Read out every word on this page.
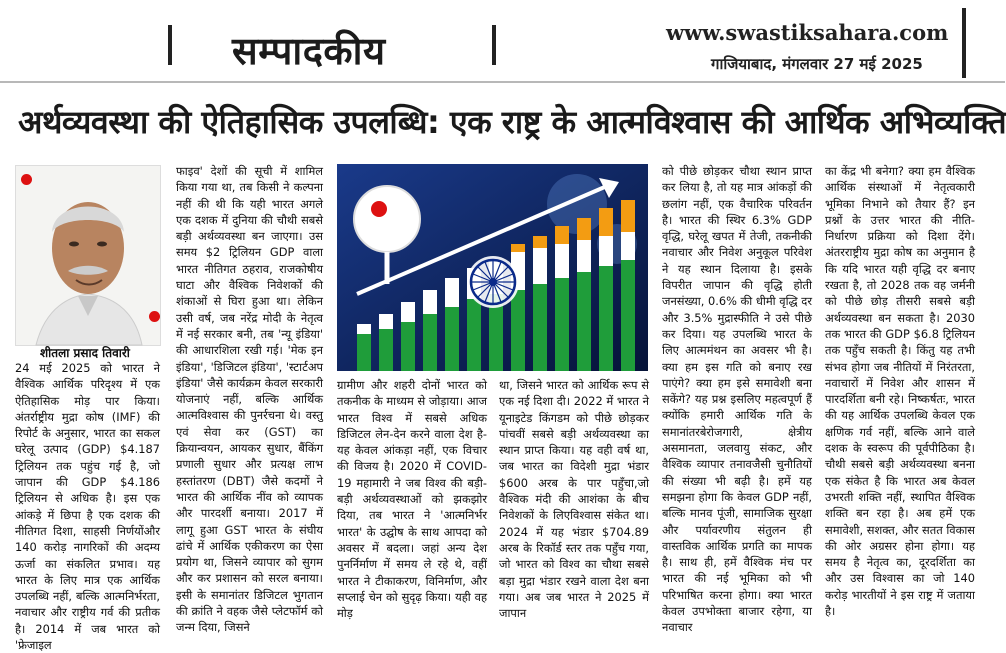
सम्पादकीय	www.swastiksahara.com
गाजियाबाद, मंगलवार 27 मई 2025
अर्थव्यवस्था की ऐतिहासिक उपलब्धि: एक राष्ट्र के आत्मविश्वास की आर्थिक अभिव्यक्ति
शीतला प्रसाद तिवारी

24 मई 2025 को भारत ने वैश्विक आर्थिक परिदृश्य में एक ऐतिहासिक मोड़ पार किया। अंतर्राष्ट्रीय मुद्रा कोष (IMF) की रिपोर्ट के अनुसार, भारत का सकल घरेलू उत्पाद (GDP) $4.187 ट्रिलियन तक पहुंच गई है, जो जापान की GDP $4.186 ट्रिलियन से अधिक है। इस एक आंकड़े में छिपा है एक दशक की नीतिगत दिशा, साहसी निर्णयोंऔर 140 करोड़ नागरिकों की अदम्य ऊर्जा का संकलित प्रभाव। यह भारत के लिए मात्र एक आर्थिक उपलब्धि नहीं, बल्कि आत्मनिर्भरता, नवाचार और राष्ट्रीय गर्व की प्रतीक है। 2014 में जब भारत को 'फ्रेजाइल

फाइव' देशों की सूची में शामिल किया गया था, तब किसी ने कल्पना नहीं की थी कि यही भारत अगले एक दशक में दुनिया की चौथी सबसे बड़ी अर्थव्यवस्था बन जाएगा। उस समय $2 ट्रिलियन GDP वाला भारत नीतिगत ठहराव, राजकोषीय घाटा और वैश्विक निवेशकों की शंकाओं से घिरा हुआ था। लेकिन उसी वर्ष, जब नरेंद्र मोदी के नेतृत्व में नई सरकार बनी, तब 'न्यू इंडिया' की आधारशिला रखी गई। 'मेक इन इंडिया', 'डिजिटल इंडिया', 'स्टार्टअप इंडिया' जैसे कार्यक्रम केवल सरकारी योजनाएं नहीं, बल्कि आर्थिक आत्मविश्वास की पुनर्रचना थे। वस्तु एवं सेवा कर (GST) का क्रियान्वयन, आयकर सुधार, बैंकिंग प्रणाली सुधार और प्रत्यक्ष लाभ हस्तांतरण (DBT) जैसे कदमों ने भारत की आर्थिक नींव को व्यापक और पारदर्शी बनाया। 2017 में लागू हुआ GST भारत के संघीय ढांचे में आर्थिक एकीकरण का ऐसा प्रयोग था, जिसने व्यापार को सुगम और कर प्रशासन को सरल बनाया। इसी के समानांतर डिजिटल भुगतान की क्रांति ने वहक जैसे प्लेटफॉर्म को जन्म दिया, जिसने

ग्रामीण और शहरी दोनों भारत को तकनीक के माध्यम से जोड़ाया। आज भारत विश्व में सबसे अधिक डिजिटल लेन-देन करने वाला देश है- यह केवल आंकड़ा नहीं, एक विचार की विजय है। 2020 में COVID-19 महामारी ने जब विश्व की बड़ी-बड़ी अर्थव्यवस्थाओं को झकझोर दिया, तब भारत ने 'आत्मनिर्भर भारत' के उद्घोष के साथ आपदा को अवसर में बदला। जहां अन्य देश पुनर्निर्माण में समय ले रहे थे, वहीं भारत ने टीकाकरण, विनिर्माण, और सप्लाई चेन को सुदृढ़ किया। यही वह मोड़

था, जिसने भारत को आर्थिक रूप से एक नई दिशा दी। 2022 में भारत ने यूनाइटेड किंगडम को पीछे छोड़कर पांचवीं सबसे बड़ी अर्थव्यवस्था का स्थान प्राप्त किया। यह वही वर्ष था, जब भारत का विदेशी मुद्रा भंडार $600 अरब के पार पहुँचा,जो वैश्विक मंदी की आशंका के बीच निवेशकों के लिएविश्वास संकेत था।2024 में यह भंडार $704.89 अरब के रिकॉर्ड स्तर तक पहुँच गया, जो भारत को विश्व का चौथा सबसे बड़ा मुद्रा भंडार रखने वाला देश बना गया। अब जब भारत ने 2025 में जापान

को पीछे छोड़कर चौथा स्थान प्राप्त कर लिया है, तो यह मात्र आंकड़ों की छलांग नहीं, एक वैचारिक परिवर्तन है। भारत की स्थिर 6.3% GDP वृद्धि, घरेलू खपत में तेजी, तकनीकी नवाचार और निवेश अनुकूल परिवेश ने यह स्थान दिलाया है। इसके विपरीत जापान की वृद्धि होती जनसंख्या, 0.6% की धीमी वृद्धि दर और 3.5% मुद्रास्फीति ने उसे पीछे कर दिया। यह उपलब्धि भारत के लिए आत्ममंथन का अवसर भी है। क्या हम इस गति को बनाए रख पाएंगे? क्या हम इसे समावेशी बना सकेंगे? यह प्रश्न इसलिए महत्वपूर्ण हैं क्योंकि हमारी आर्थिक गति के समानांतरबेरोजगारी, क्षेत्रीय असमानता, जलवायु संकट, और वैश्विक व्यापार तनावजैसी चुनौतियों की संख्या भी बढ़ी है। हमें यह समझना होगा कि केवल GDP नहीं, बल्कि मानव पूंजी, सामाजिक सुरक्षा और पर्यावरणीय संतुलन ही वास्तविक आर्थिक प्रगति का मापक है। साथ ही, हमें वैश्विक मंच पर भारत की नई भूमिका को भी परिभाषित करना होगा। क्या भारत केवल उपभोक्ता बाजार रहेगा, या नवाचार

का केंद्र भी बनेगा? क्या हम वैश्विक आर्थिक संस्थाओं में नेतृत्वकारी भूमिका निभाने को तैयार हैं? इन प्रश्नों के उत्तर भारत की नीति-निर्धारण प्रक्रिया को दिशा देंगे। अंतरराष्ट्रीय मुद्रा कोष का अनुमान है कि यदि भारत यही वृद्धि दर बनाए रखता है, तो 2028 तक वह जर्मनी को पीछे छोड़ तीसरी सबसे बड़ी अर्थव्यवस्था बन सकता है। 2030 तक भारत की GDP $6.8 ट्रिलियन तक पहुँच सकती है। किंतु यह तभी संभव होगा जब नीतियों में निरंतरता, नवाचारों में निवेश और शासन में पारदर्शिता बनी रहे। निष्कर्षतः, भारत की यह आर्थिक उपलब्धि केवल एक क्षणिक गर्व नहीं, बल्कि आने वाले दशक के स्वरूप की पूर्वपीठिका है। चौथी सबसे बड़ी अर्थव्यवस्था बनना एक संकेत है कि भारत अब केवल उभरती शक्ति नहीं, स्थापित वैश्विक शक्ति बन रहा है। अब हमें एक समावेशी, सशक्त, और सतत विकास की ओर अग्रसर होना होगा। यह समय है नेतृत्व का, दूरदर्शिता का और उस विश्वास का जो 140 करोड़ भारतीयों ने इस राष्ट्र में जताया है।
